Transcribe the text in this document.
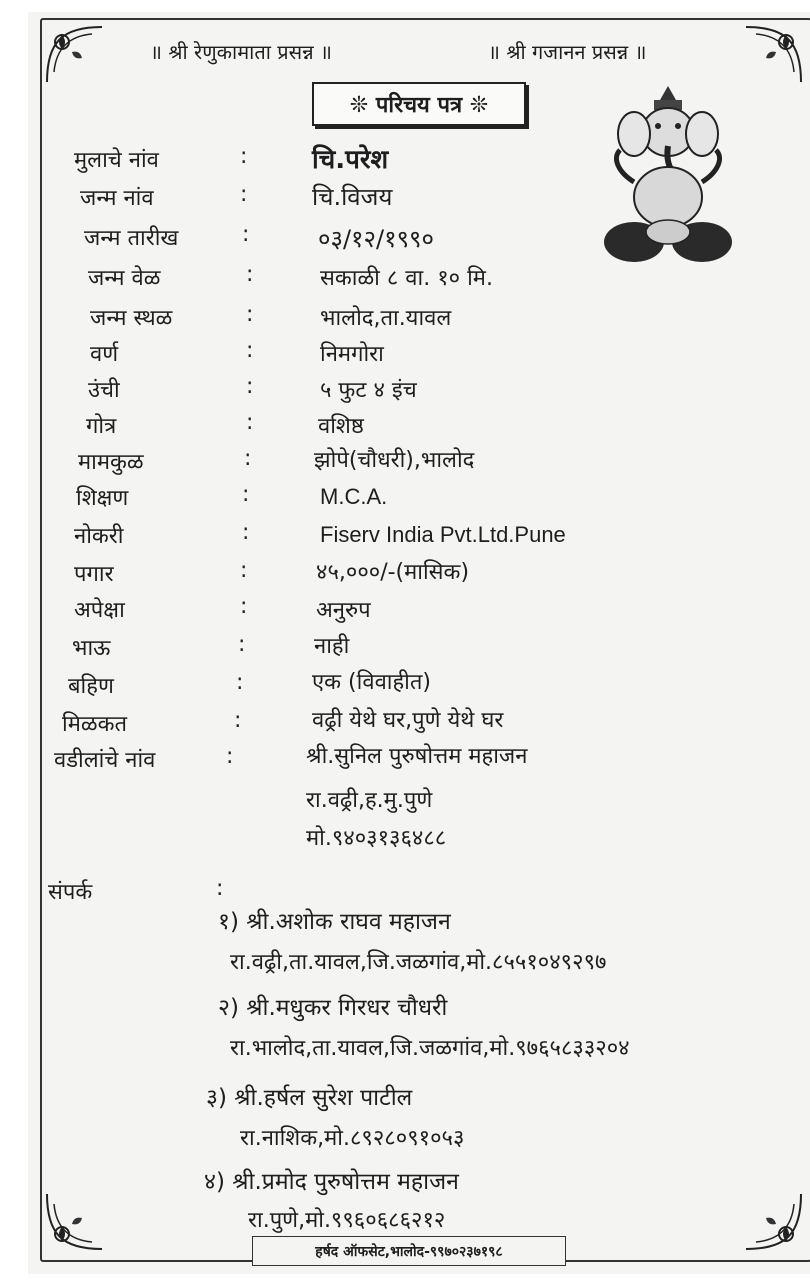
॥ श्री रेणुकामाता प्रसन्न ॥	॥ श्री गजानन प्रसन्न ॥
❊ परिचय पत्र ❊
मुलाचे नांव	: चि.परेश
जन्म नांव	:	चि.विजय
जन्म तारीख	:	०३/१२/१९९०
जन्म वेळ	:	सकाळी ८ वा. १० मि.
जन्म स्थळ	:	भालोद,ता.यावल
वर्ण	:	निमगोरा
उंची	:	५ फुट ४ इंच
गोत्र	:	वशिष्ठ
मामकुळ	:	झोपे(चौधरी),भालोद
शिक्षण	:	M.C.A.
नोकरी	:	Fiserv India Pvt.Ltd.Pune
पगार	:	४५,०००/-(मासिक)
अपेक्षा	:	अनुरुप
भाऊ	:	नाही
बहिण	:	एक (विवाहीत)
मिळकत	:	वढ्री येथे घर,पुणे येथे घर
वडीलांचे नांव	:	श्री.सुनिल पुरुषोत्तम महाजन
रा.वढ्री,ह.मु.पुणे
मो.९४०३१३६४८८
संपर्क	:
१) श्री.अशोक राघव महाजन
रा.वढ्री,ता.यावल,जि.जळगांव,मो.८५५१०४९२९७
२) श्री.मधुकर गिरधर चौधरी
रा.भालोद,ता.यावल,जि.जळगांव,मो.९७६५८३३२०४
३) श्री.हर्षल सुरेश पाटील
रा.नाशिक,मो.८९२८०९१०५३
४) श्री.प्रमोद पुरुषोत्तम महाजन
रा.पुणे,मो.९९६०६८६२१२
हर्षद ऑफसेट,भालोद-९९७०२३७१९८
